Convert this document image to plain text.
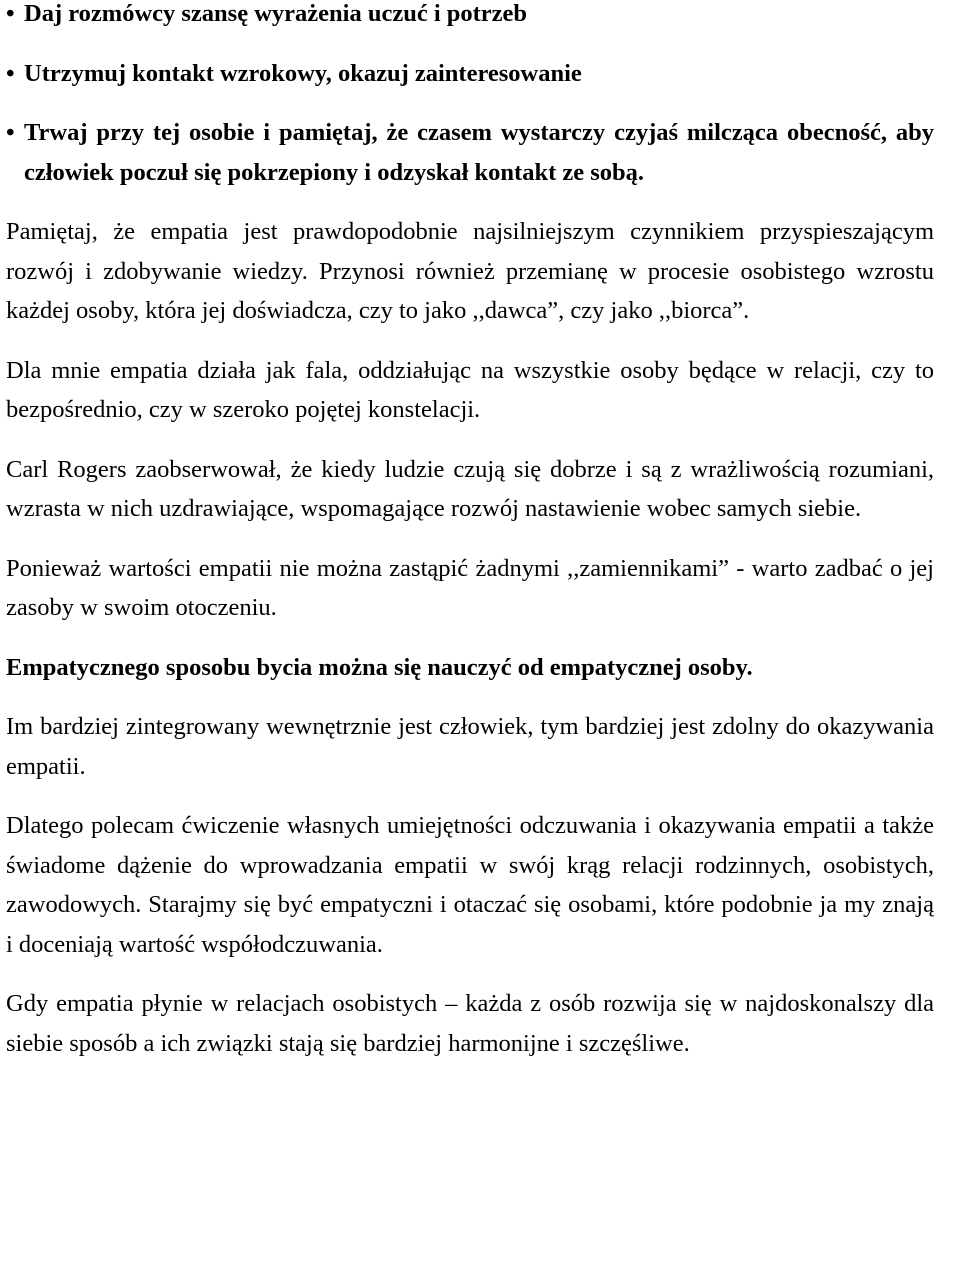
• Daj rozmówcy szansę wyrażenia uczuć i potrzeb

• Utrzymuj kontakt wzrokowy, okazuj zainteresowanie

• Trwaj przy tej osobie i pamiętaj, że czasem wystarczy czyjaś milcząca obecność, aby człowiek poczuł się pokrzepiony i odzyskał kontakt ze sobą.

Pamiętaj, że empatia jest prawdopodobnie najsilniejszym czynnikiem przyspieszającym rozwój i zdobywanie wiedzy. Przynosi również przemianę w procesie osobistego wzrostu każdej osoby, która jej doświadcza, czy to jako ,,dawca”, czy jako ,,biorca”.

Dla mnie empatia działa jak fala, oddziałując na wszystkie osoby będące w relacji, czy to bezpośrednio, czy w szeroko pojętej konstelacji.

Carl Rogers zaobserwował, że kiedy ludzie czują się dobrze i są z wrażliwością rozumiani, wzrasta w nich uzdrawiające, wspomagające rozwój nastawienie wobec samych siebie.

Ponieważ wartości empatii nie można zastąpić żadnymi ,,zamiennikami” - warto zadbać o jej zasoby w swoim otoczeniu.

Empatycznego sposobu bycia można się nauczyć od empatycznej osoby.

Im bardziej zintegrowany wewnętrznie jest człowiek, tym bardziej jest zdolny do okazywania empatii.

Dlatego polecam ćwiczenie własnych umiejętności odczuwania i okazywania empatii a także świadome dążenie do wprowadzania empatii w swój krąg relacji rodzinnych, osobistych, zawodowych. Starajmy się być empatyczni i otaczać się osobami, które podobnie ja my znają i doceniają wartość współodczuwania.

Gdy empatia płynie w relacjach osobistych – każda z osób rozwija się w najdoskonalszy dla siebie sposób a ich związki stają się bardziej harmonijne i szczęśliwe.
